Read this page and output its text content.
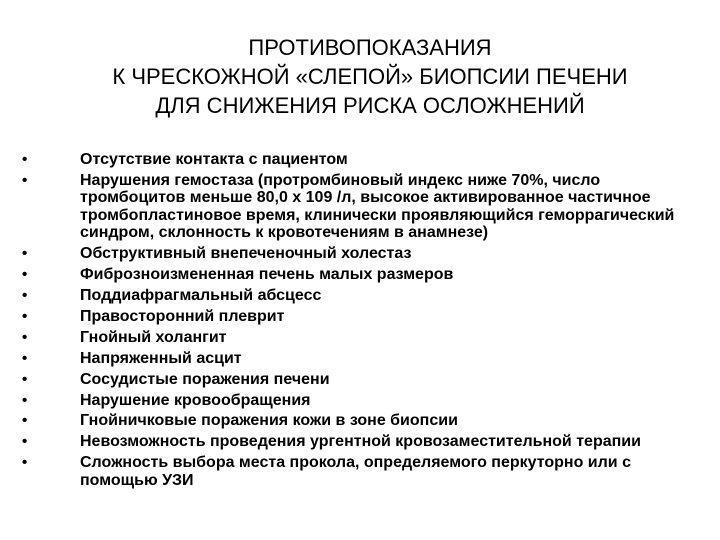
ПРОТИВОПОКАЗАНИЯ
К ЧРЕСКОЖНОЙ «СЛЕПОЙ» БИОПСИИ ПЕЧЕНИ
ДЛЯ СНИЖЕНИЯ РИСКА ОСЛОЖНЕНИЙ
•	Отсутствие контакта с пациентом
•	Нарушения гемостаза (протромбиновый индекс ниже 70%, число тромбоцитов меньше 80,0 х 109 /л, высокое активированное частичное тромбопластиновое время, клинически проявляющийся геморрагический синдром, склонность к кровотечениям в анамнезе)
•	Обструктивный внепеченочный холестаз
•	Фиброзноизмененная печень малых размеров
•	Поддиафрагмальный абсцесс
•	Правосторонний плеврит
•	Гнойный холангит
•	Напряженный асцит
•	Сосудистые поражения печени
•	Нарушение кровообращения
•	Гнойничковые поражения кожи в зоне биопсии
•	Невозможность проведения ургентной кровозаместительной терапии
•	Сложность выбора места прокола, определяемого перкуторно или с помощью УЗИ
